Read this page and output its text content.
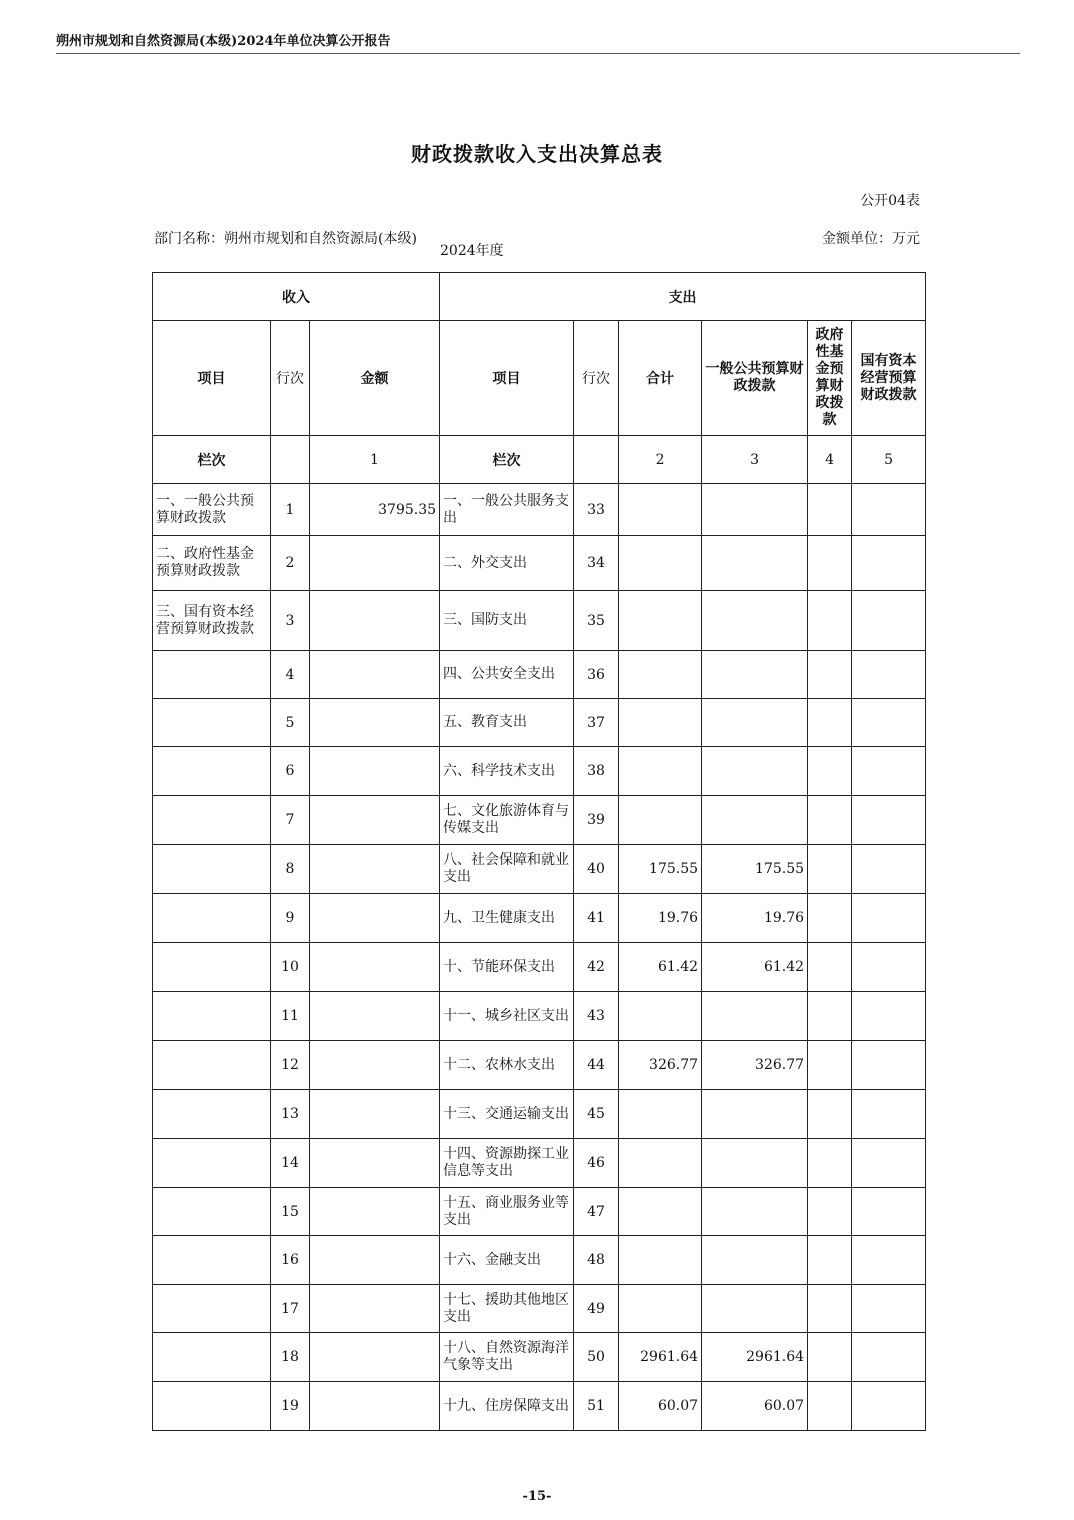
朔州市规划和自然资源局(本级)2024年单位决算公开报告
财政拨款收入支出决算总表
公开04表
部门名称：朔州市规划和自然资源局(本级)
2024年度
金额单位：万元
收入			支出					
项目	行次	金额	项目	行次	合计	一般公共预算财政拨款	政府性基金预算财政拨款	国有资本经营预算财政拨款
栏次		1	栏次		2	3	4	5
一、一般公共预算财政拨款	1	3795.35	一、一般公共服务支出	33				
二、政府性基金预算财政拨款	2		二、外交支出	34				
三、国有资本经营预算财政拨款	3		三、国防支出	35				
	4		四、公共安全支出	36				
	5		五、教育支出	37				
	6		六、科学技术支出	38				
	7		七、文化旅游体育与传媒支出	39				
	8		八、社会保障和就业支出	40	175.55	175.55		
	9		九、卫生健康支出	41	19.76	19.76		
	10		十、节能环保支出	42	61.42	61.42		
	11		十一、城乡社区支出	43				
	12		十二、农林水支出	44	326.77	326.77		
	13		十三、交通运输支出	45				
	14		十四、资源勘探工业信息等支出	46				
	15		十五、商业服务业等支出	47				
	16		十六、金融支出	48				
	17		十七、援助其他地区支出	49				
	18		十八、自然资源海洋气象等支出	50	2961.64	2961.64		
	19		十九、住房保障支出	51	60.07	60.07		
-15-
